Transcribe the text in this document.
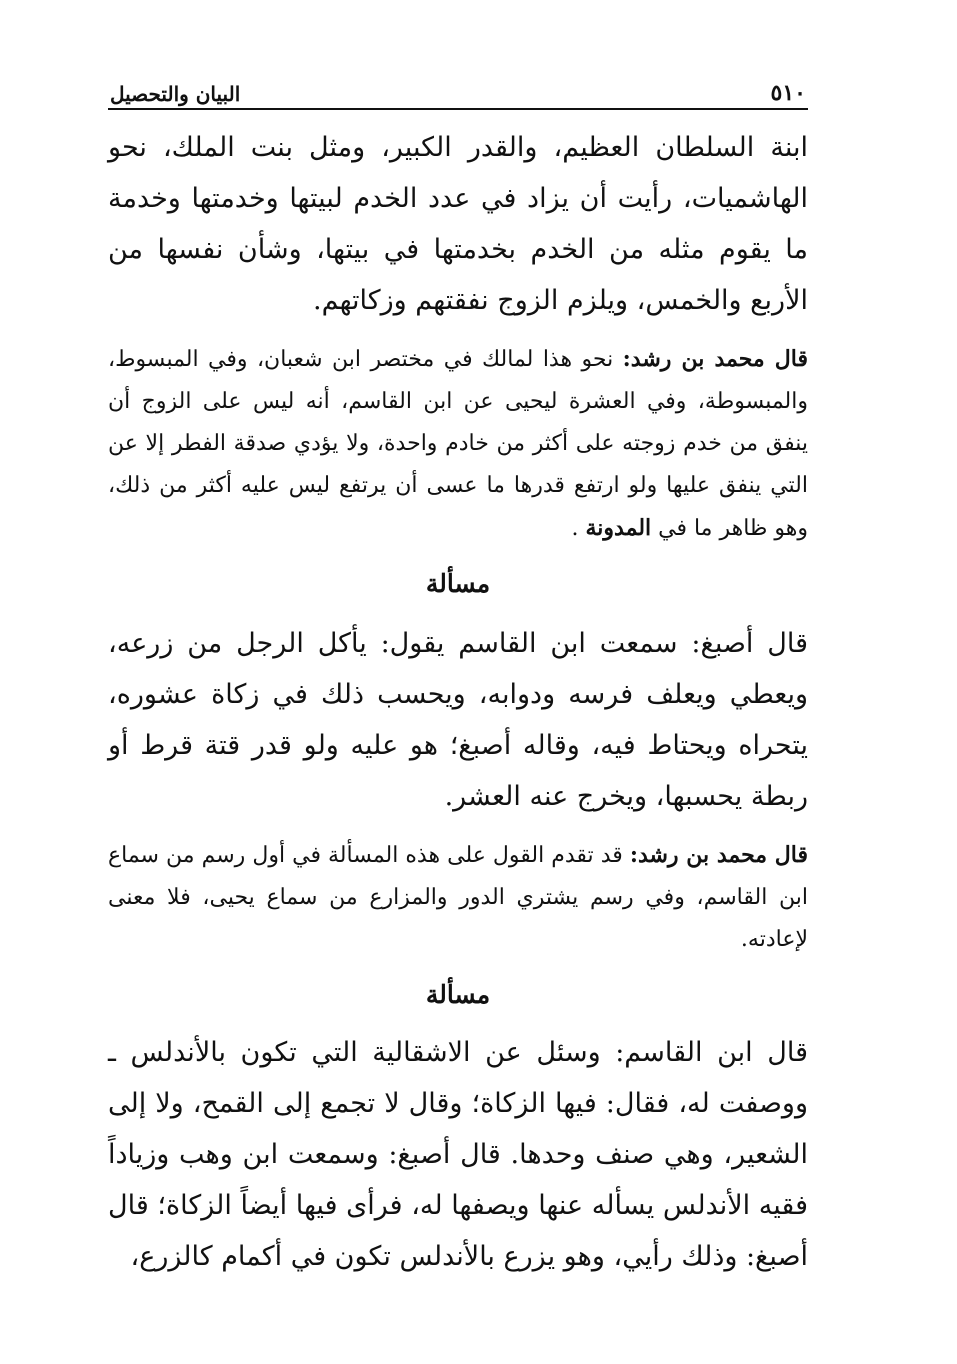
٥١٠
البيان والتحصيل

ابنة السلطان العظيم، والقدر الكبير، ومثل بنت الملك، نحو الهاشميات، رأيت أن يزاد في عدد الخدم لبيتها وخدمتها وخدمة ما يقوم مثله من الخدم بخدمتها في بيتها، وشأن نفسها من الأربع والخمس، ويلزم الزوج نفقتهم وزكاتهم.

قال محمد بن رشد: نحو هذا لمالك في مختصر ابن شعبان، وفي المبسوط، والمبسوطة، وفي العشرة ليحيى عن ابن القاسم، أنه ليس على الزوج أن ينفق من خدم زوجته على أكثر من خادم واحدة، ولا يؤدي صدقة الفطر إلا عن التي ينفق عليها ولو ارتفع قدرها ما عسى أن يرتفع ليس عليه أكثر من ذلك، وهو ظاهر ما في المدونة .

مسألة

قال أصبغ: سمعت ابن القاسم يقول: يأكل الرجل من زرعه، ويعطي ويعلف فرسه ودوابه، ويحسب ذلك في زكاة عشوره، يتحراه ويحتاط فيه، وقاله أصبغ؛ هو عليه ولو قدر قتة قرط أو ربطة يحسبها، ويخرج عنه العشر.

قال محمد بن رشد: قد تقدم القول على هذه المسألة في أول رسم من سماع ابن القاسم، وفي رسم يشتري الدور والمزارع من سماع يحيى، فلا معنى لإعادته.

مسألة

قال ابن القاسم: وسئل عن الاشقالية التي تكون بالأندلس ـ ووصفت له، فقال: فيها الزكاة؛ وقال لا تجمع إلى القمح، ولا إلى الشعير، وهي صنف وحدها. قال أصبغ: وسمعت ابن وهب وزياداً فقيه الأندلس يسأله عنها ويصفها له، فرأى فيها أيضاً الزكاة؛ قال أصبغ: وذلك رأيي، وهو يزرع بالأندلس تكون في أكمام كالزرع،
